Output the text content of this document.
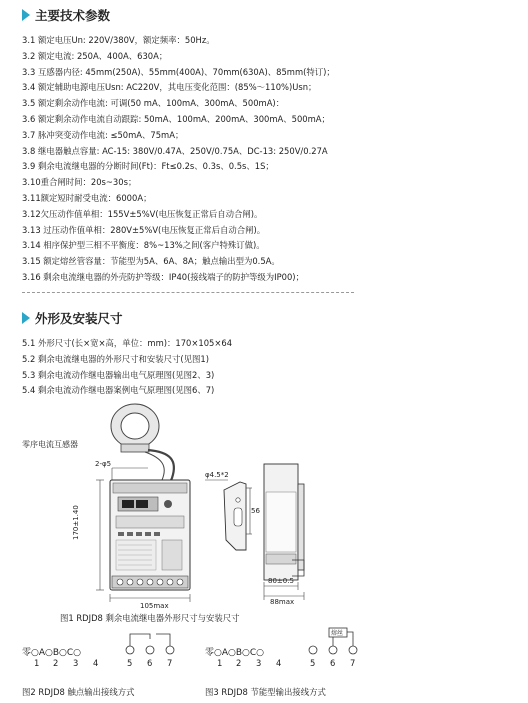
主要技术参数
3.1 额定电压Un: 220V/380V，额定频率：50Hz。
3.2 额定电流: 250A、400A、630A；
3.3 互感器内径: 45mm(250A)、55mm(400A)、70mm(630A)、85mm(特订)；
3.4 额定辅助电源电压Usn: AC220V，其电压变化范围：(85%～110%)Usn；
3.5 额定剩余动作电流: 可调(50 mA、100mA、300mA、500mA)：
3.6 额定剩余动作电流自动跟踪: 50mA、100mA、200mA、300mA、500mA；
3.7 脉冲突变动作电流: ≤50mA、75mA；
3.8 继电器触点容量: AC-15: 380V/0.47A、250V/0.75A、DC-13: 250V/0.27A
3.9 剩余电流继电器的分断时间(Ft)：Ft≤0.2s、0.3s、0.5s、1S；
3.10重合闸时间：20s~30s；
3.11额定短时耐受电流：6000A；
3.12欠压动作值单相：155V±5%V(电压恢复正常后自动合闸)。
3.13 过压动作值单相：280V±5%V(电压恢复正常后自动合闸)。
3.14 相序保护型三相不平衡度：8%~13%之间(客户特殊订做)。
3.15 额定熔丝管容量：节能型为5A、6A、8A；触点输出型为0.5A。
3.16 剩余电流继电器的外壳防护等级：IP40(接线端子的防护等级为IP00)；
外形及安装尺寸
5.1 外形尺寸(长×宽×高，单位：mm)：170×105×64
5.2 剩余电流继电器的外形尺寸和安装尺寸(见图1)
5.3 剩余电流动作继电器输出电气原理图(见图2、3)
5.4 剩余电流动作继电器案例电气原理图(见图6、7)
零序电流互感器
2-φ5
170±1.40
105max
φ4.5*2
56
80±0.5
88max
图1 RDJD8 剩余电流继电器外形尺寸与安装尺寸
零○A○B○C○
1 2 3 4	5 6 7
图2 RDJD8 触点输出接线方式
零○A○B○C○
熔丝
1 2 3 4	5 6 7
图3 RDJD8 节能型输出接线方式
